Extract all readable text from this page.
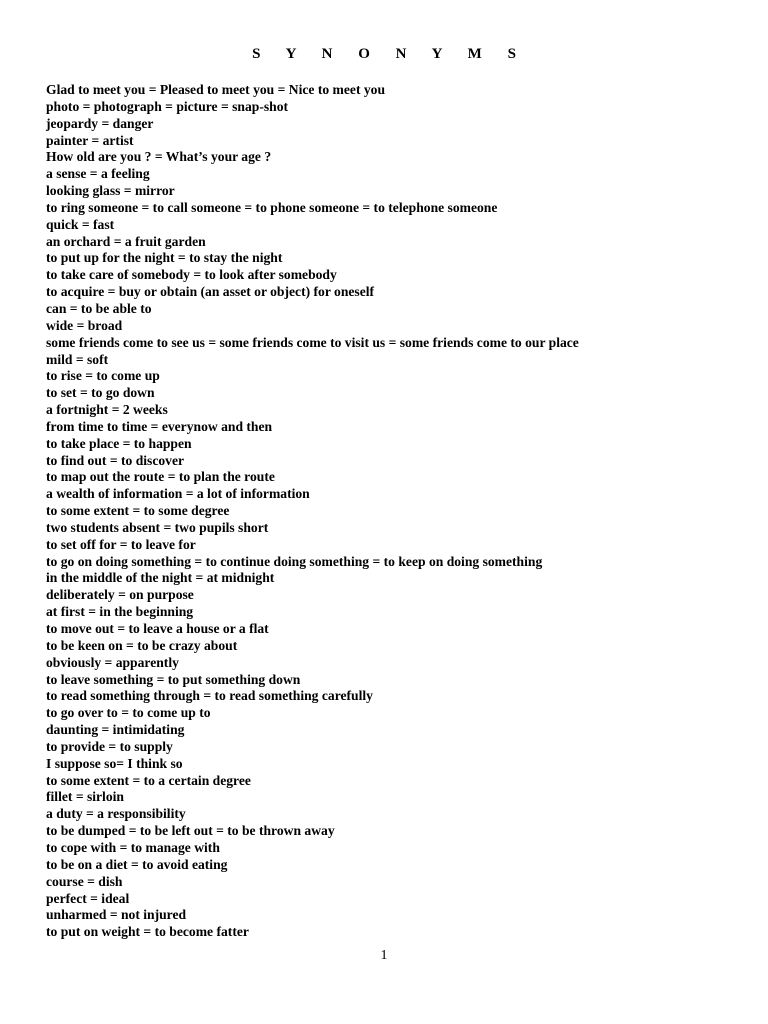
S Y N O N Y M S
Glad to meet you = Pleased to meet you = Nice to meet you
photo = photograph = picture = snap-shot
jeopardy = danger
painter = artist
How old are you ? = What’s your age ?
a sense = a feeling
looking glass = mirror
to ring someone = to call someone = to phone someone = to telephone someone
quick = fast
an orchard = a fruit garden
to put up for the night = to stay the night
to take care of somebody = to look after somebody
to acquire = buy or obtain (an asset or object) for oneself
can = to be able to
wide = broad
some friends come to see us = some friends come to visit us = some friends come to our place
mild = soft
to rise = to come up
to set = to go down
a fortnight = 2 weeks
from time to time = everynow and then
to take place = to happen
to find out = to discover
to map out the route = to plan the route
a wealth of information = a lot of information
to some extent = to some degree
two students absent = two pupils short
to set off for = to leave for
to go on doing something = to continue doing something = to keep on doing something
in the middle of the night = at midnight
deliberately = on purpose
at first = in the beginning
to move out = to leave a house or a flat
to be keen on = to be crazy about
obviously = apparently
to leave something = to put something down
to read something through = to read something carefully
to go over to = to come up to
daunting = intimidating
to provide = to supply
I suppose so= I think so
to some extent = to a certain degree
fillet = sirloin
a duty = a responsibility
to be dumped = to be left out = to be thrown away
to cope with = to manage with
to be on a diet = to avoid eating
course = dish
perfect = ideal
unharmed = not injured
to put on weight = to become fatter
1
